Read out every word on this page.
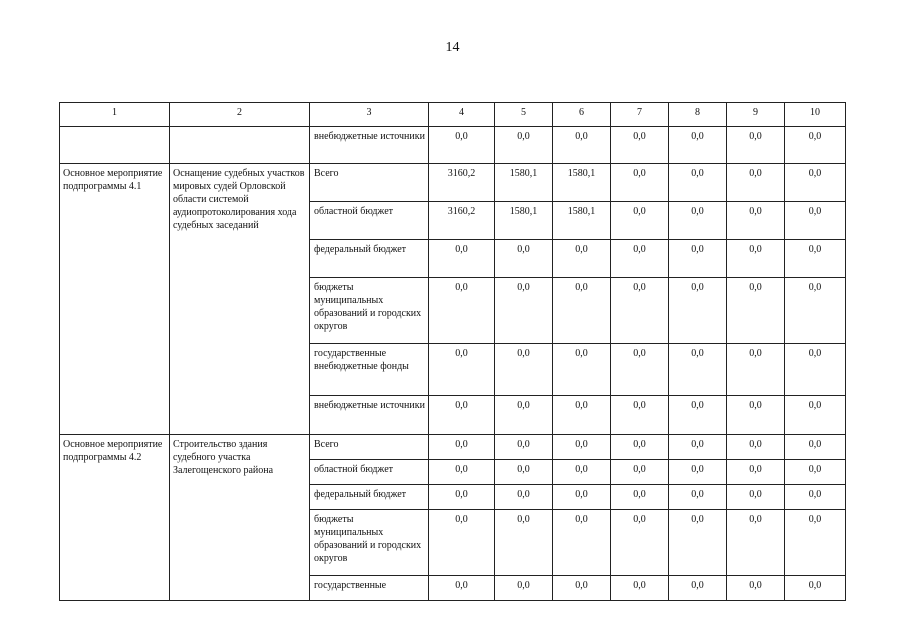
14
1	2	3	4	5	6	7	8	9	10
		внебюджетные источники	0,0	0,0	0,0	0,0	0,0	0,0	0,0
Основное мероприятие подпрограммы 4.1	Оснащение судебных участков мировых судей Орловской области системой аудиопротоколирования хода судебных заседаний	Всего	3160,2	1580,1	1580,1	0,0	0,0	0,0	0,0
		областной бюджет	3160,2	1580,1	1580,1	0,0	0,0	0,0	0,0
		федеральный бюджет	0,0	0,0	0,0	0,0	0,0	0,0	0,0
		бюджеты муниципальных образований и городских округов	0,0	0,0	0,0	0,0	0,0	0,0	0,0
		государственные внебюджетные фонды	0,0	0,0	0,0	0,0	0,0	0,0	0,0
		внебюджетные источники	0,0	0,0	0,0	0,0	0,0	0,0	0,0
Основное мероприятие подпрограммы 4.2	Строительство здания судебного участка Залегощенского района	Всего	0,0	0,0	0,0	0,0	0,0	0,0	0,0
		областной бюджет	0,0	0,0	0,0	0,0	0,0	0,0	0,0
		федеральный бюджет	0,0	0,0	0,0	0,0	0,0	0,0	0,0
		бюджеты муниципальных образований и городских округов	0,0	0,0	0,0	0,0	0,0	0,0	0,0
		государственные	0,0	0,0	0,0	0,0	0,0	0,0	0,0
